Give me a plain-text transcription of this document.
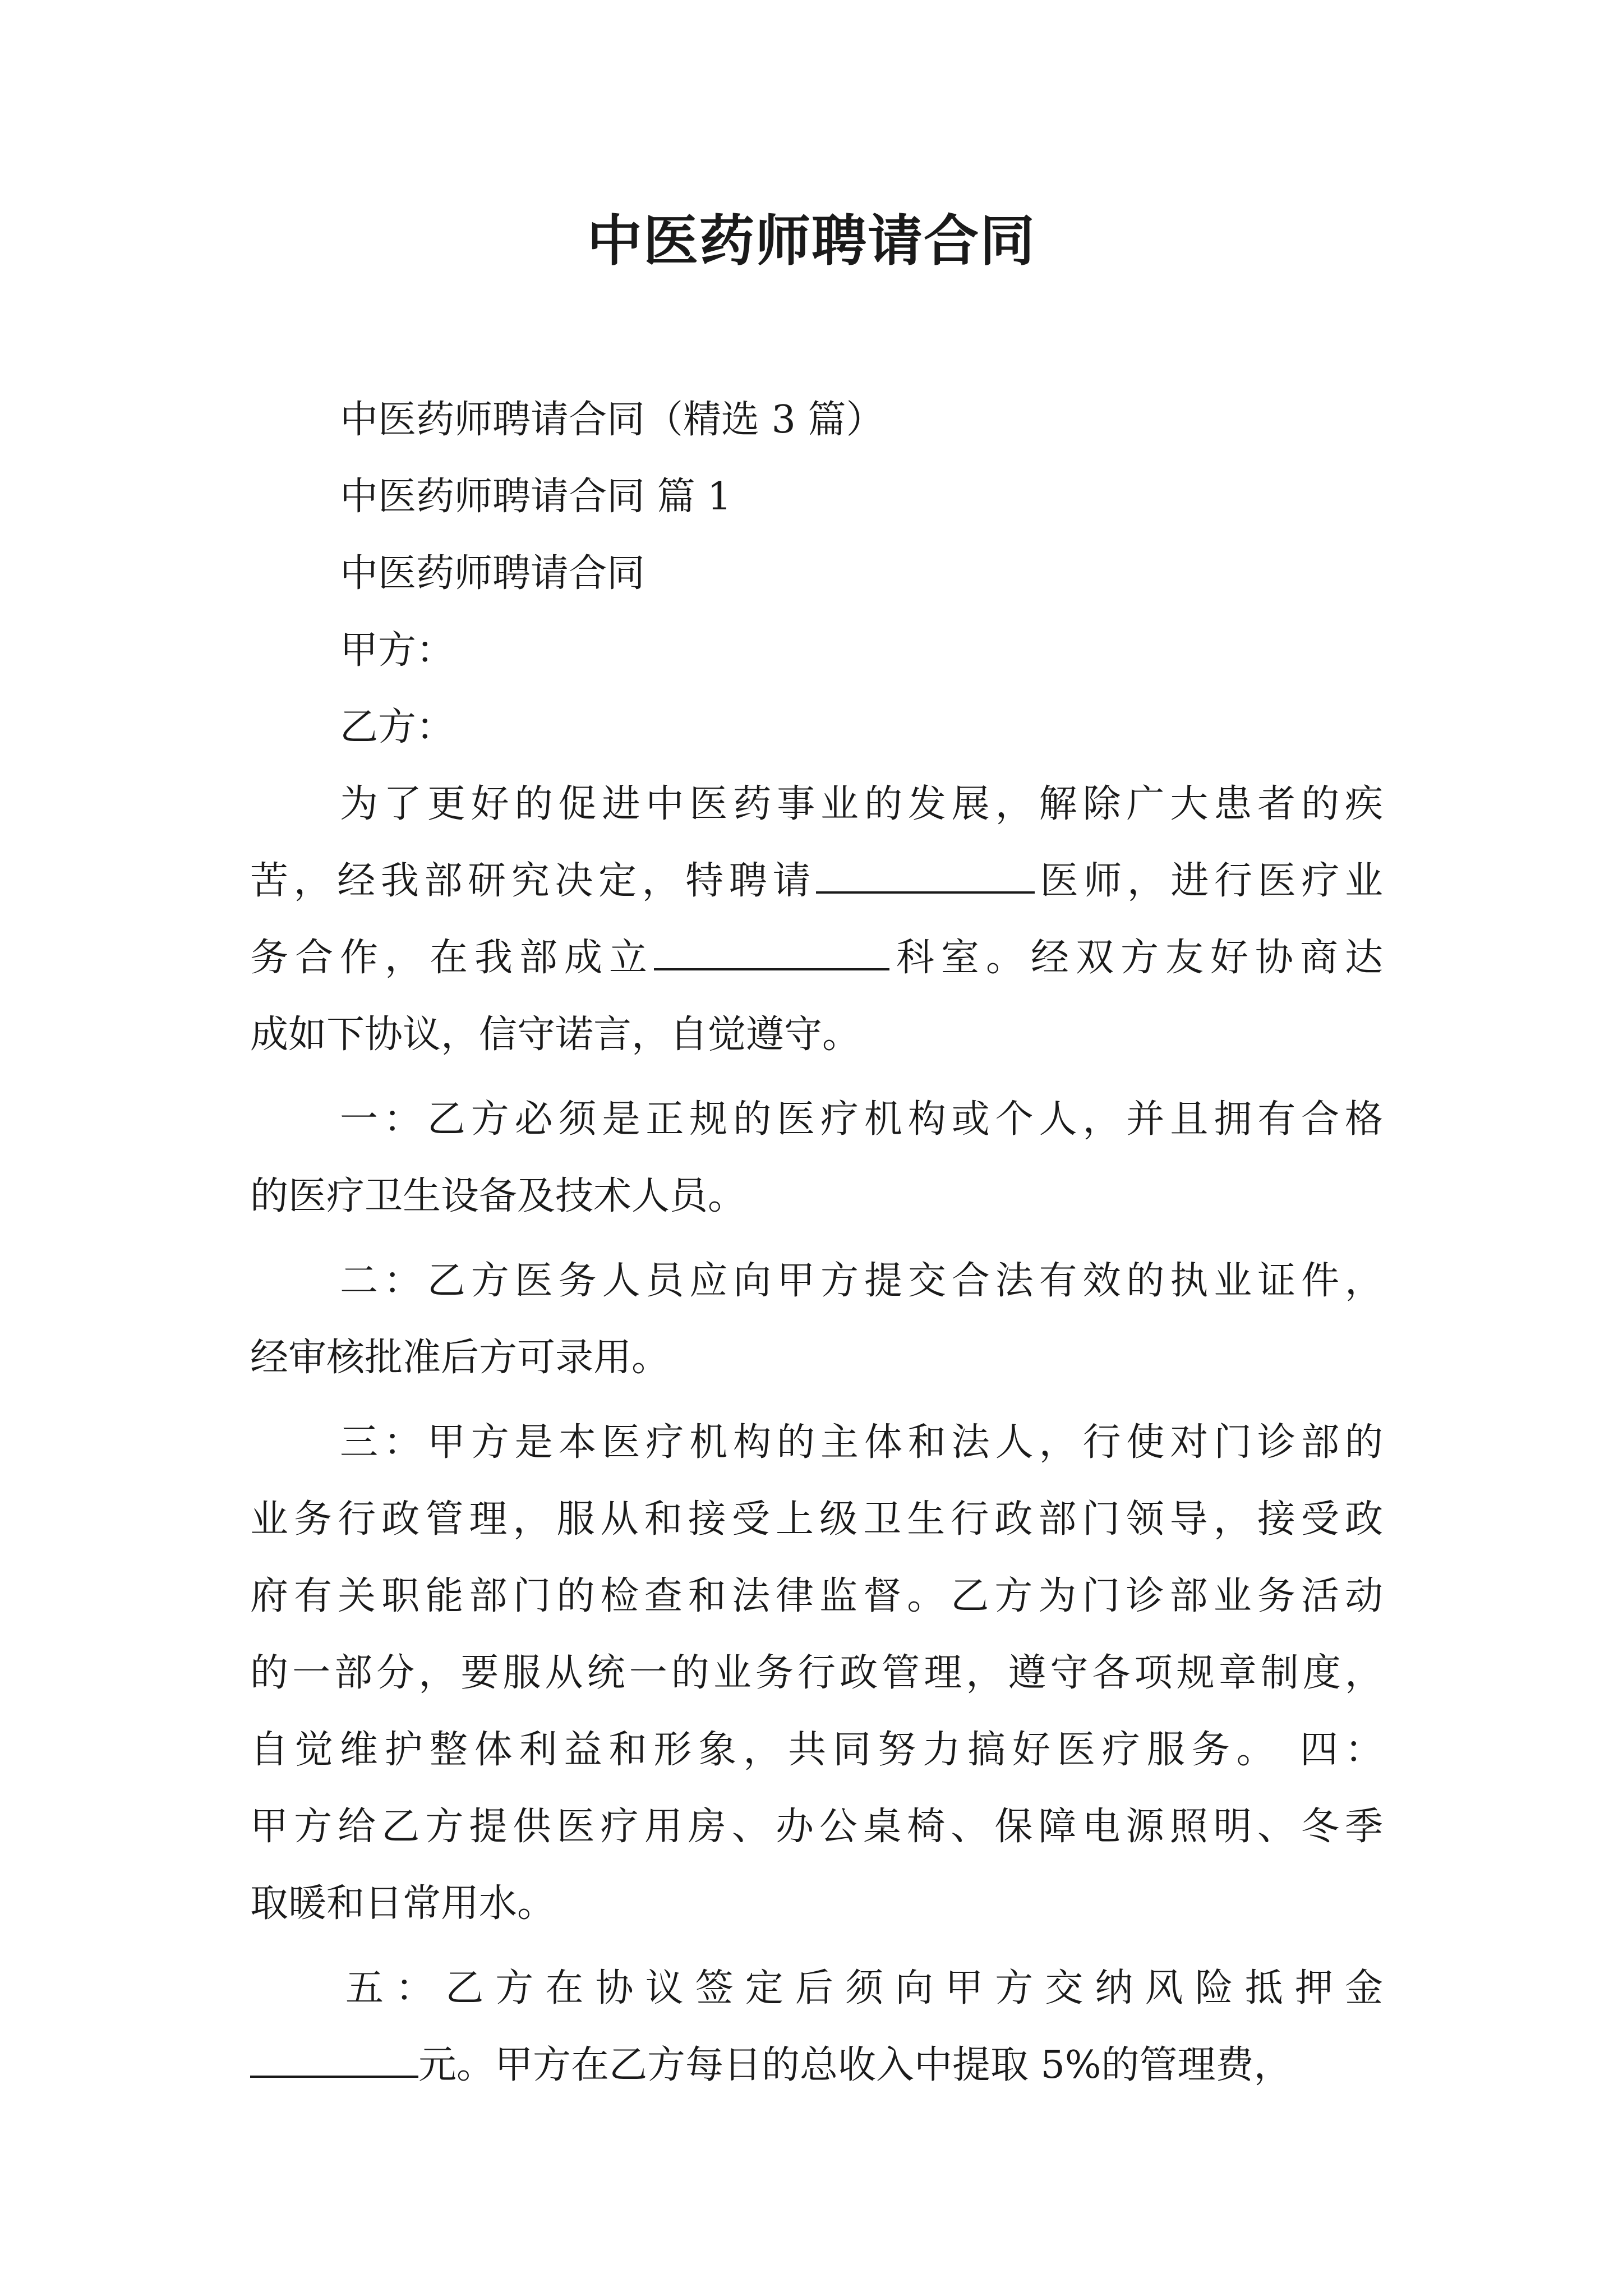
中医药师聘请合同
中医药师聘请合同（精选 3 篇）
中医药师聘请合同 篇 1
中医药师聘请合同
甲方：
乙方：
为了更好的促进中医药事业的发展，解除广大患者的疾
苦，经我部研究决定，特聘请	医师，进行医疗业
务合作，在我部成立	科室。经双方友好协商达
成如下协议，信守诺言，自觉遵守。
一：乙方必须是正规的医疗机构或个人，并且拥有合格
的医疗卫生设备及技术人员。
二：乙方医务人员应向甲方提交合法有效的执业证件，
经审核批准后方可录用。
三：甲方是本医疗机构的主体和法人，行使对门诊部的
业务行政管理，服从和接受上级卫生行政部门领导，接受政
府有关职能部门的检查和法律监督。乙方为门诊部业务活动
的一部分，要服从统一的业务行政管理，遵守各项规章制度，
自觉维护整体利益和形象，共同努力搞好医疗服务。 四：
甲方给乙方提供医疗用房、办公桌椅、保障电源照明、冬季
取暖和日常用水。
五：乙方在协议签定后须向甲方交纳风险抵押金
元。甲方在乙方每日的总收入中提取 5%的管理费，
